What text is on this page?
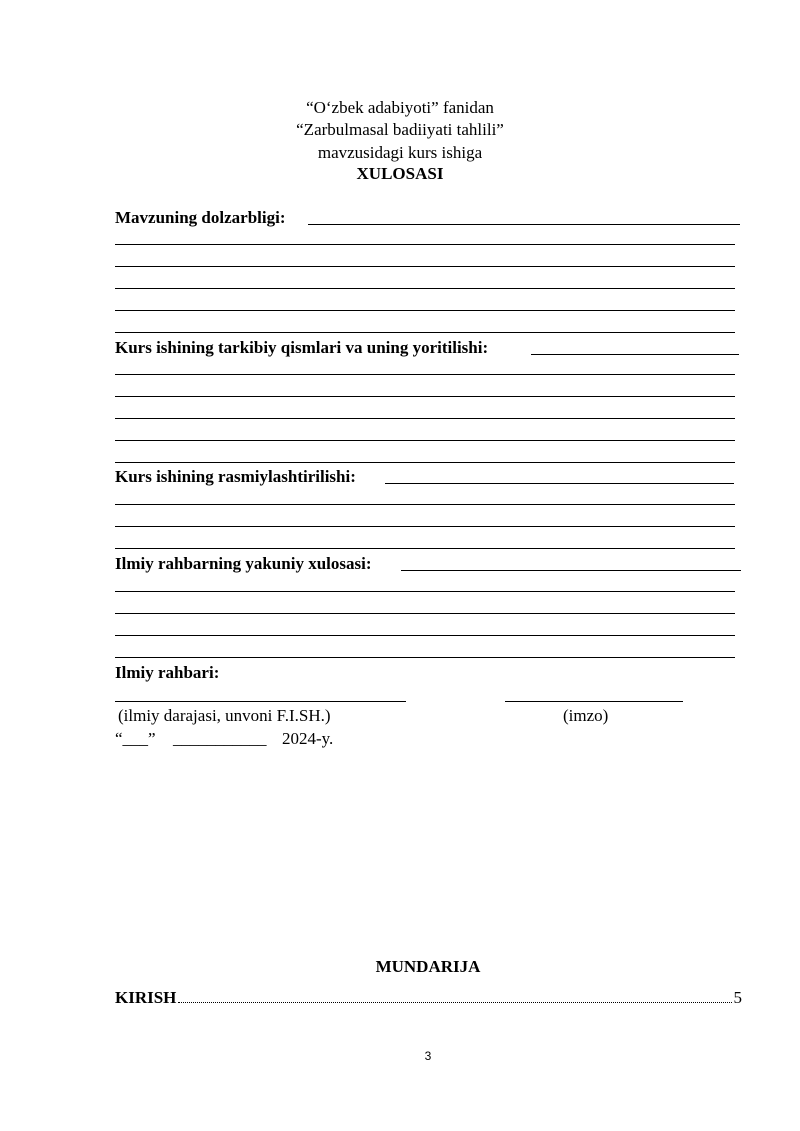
“O‘zbek adabiyoti” fanidan
“Zarbulmasal badiiyati tahlili”
mavzusidagi kurs ishiga
XULOSASI
Mavzuning dolzarbligi:
Kurs ishining tarkibiy qismlari va uning yoritilishi:
Kurs ishining rasmiylashtirilishi:
Ilmiy rahbarning yakuniy xulosasi:
Ilmiy rahbari:
(ilmiy darajasi, unvoni F.I.SH.)	(imzo)
“___” ___________ 2024-y.
MUNDARIJA
KIRISH	5
3
